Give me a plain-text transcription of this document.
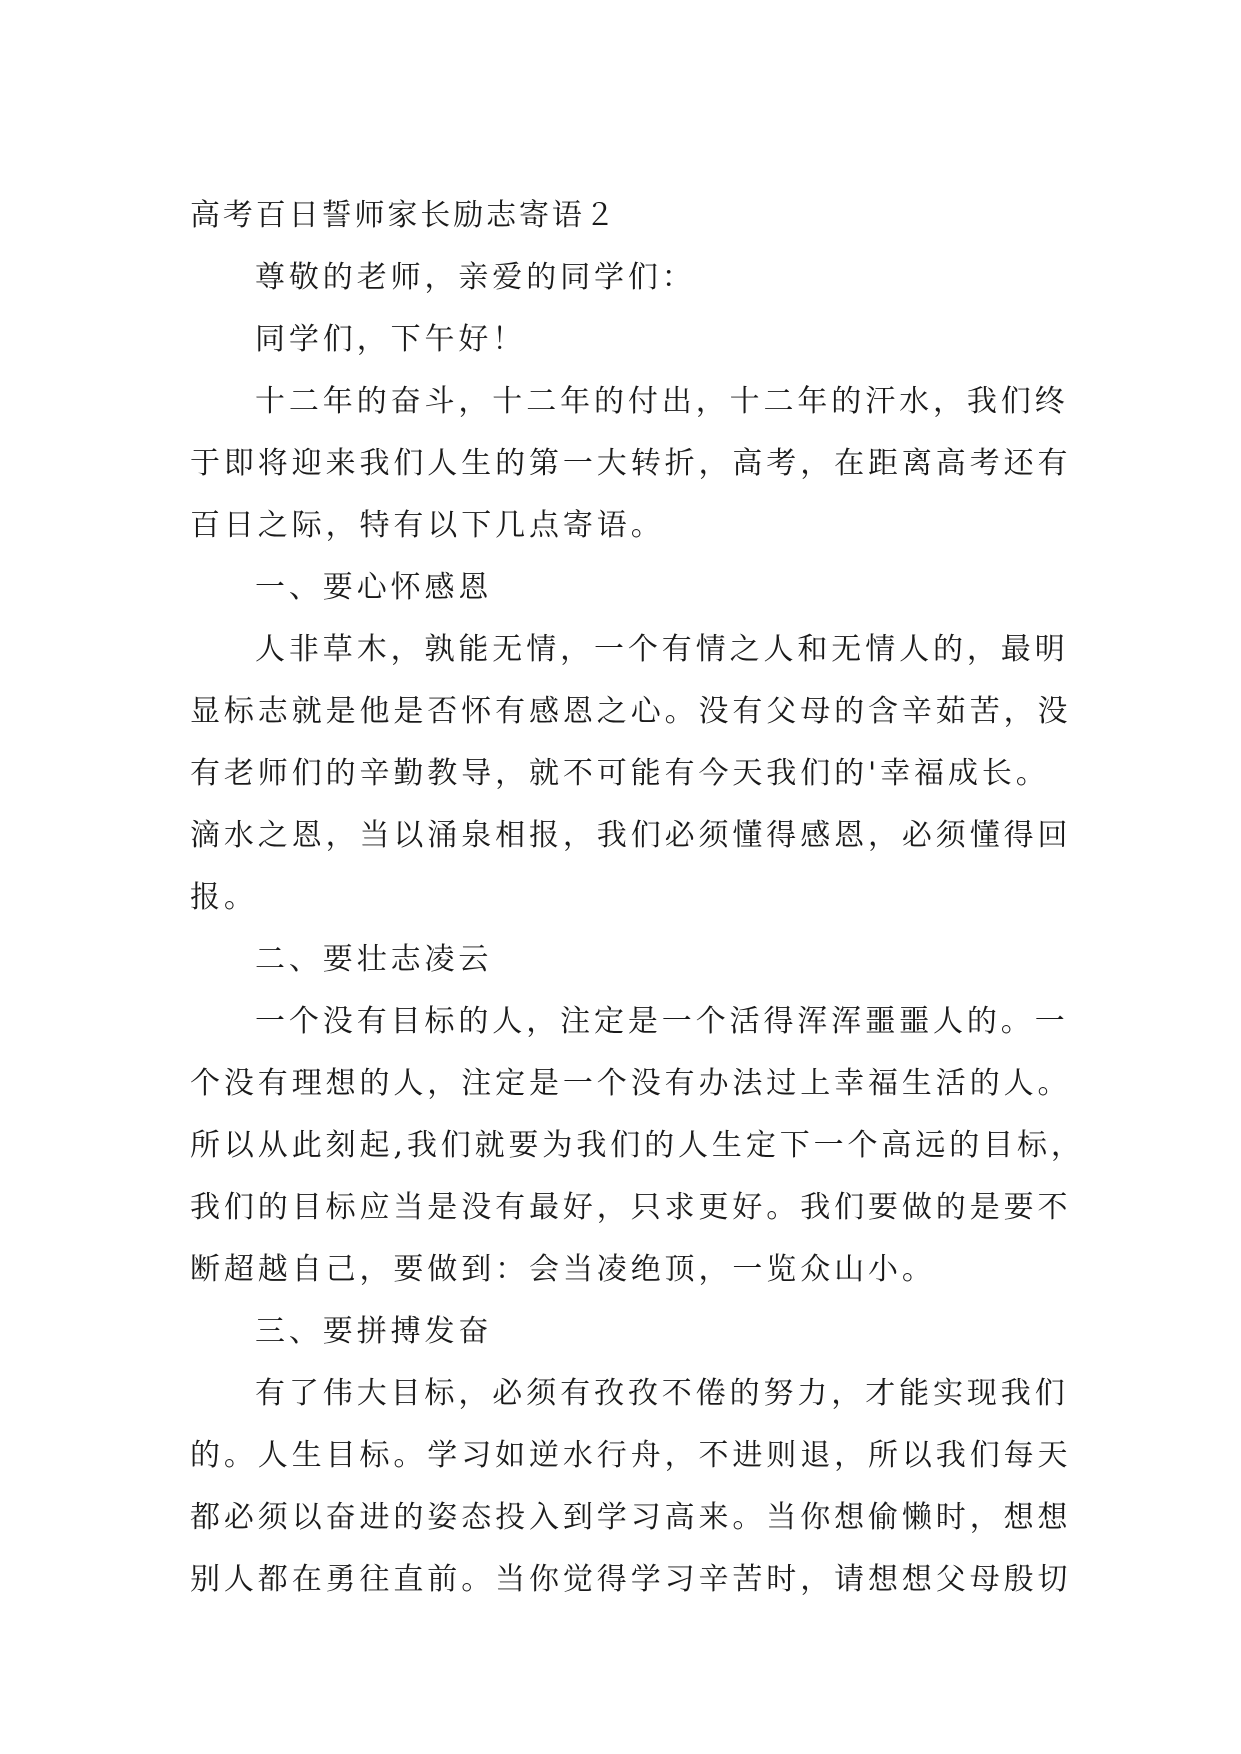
高考百日誓师家长励志寄语２
尊敬的老师，亲爱的同学们：
同学们，下午好！
十二年的奋斗，十二年的付出，十二年的汗水，我们终
于即将迎来我们人生的第一大转折，高考，在距离高考还有
百日之际，特有以下几点寄语。
一、要心怀感恩
人非草木，孰能无情，一个有情之人和无情人的，最明
显标志就是他是否怀有感恩之心。没有父母的含辛茹苦，没
有老师们的辛勤教导，就不可能有今天我们的'幸福成长。
滴水之恩，当以涌泉相报，我们必须懂得感恩，必须懂得回
报。
二、要壮志凌云
一个没有目标的人，注定是一个活得浑浑噩噩人的。一
个没有理想的人，注定是一个没有办法过上幸福生活的人。
所以从此刻起,我们就要为我们的人生定下一个高远的目标，
我们的目标应当是没有最好，只求更好。我们要做的是要不
断超越自己，要做到：会当凌绝顶，一览众山小。
三、要拼搏发奋
有了伟大目标，必须有孜孜不倦的努力，才能实现我们
的。人生目标。学习如逆水行舟，不进则退，所以我们每天
都必须以奋进的姿态投入到学习高来。当你想偷懒时，想想
别人都在勇往直前。当你觉得学习辛苦时，请想想父母殷切
